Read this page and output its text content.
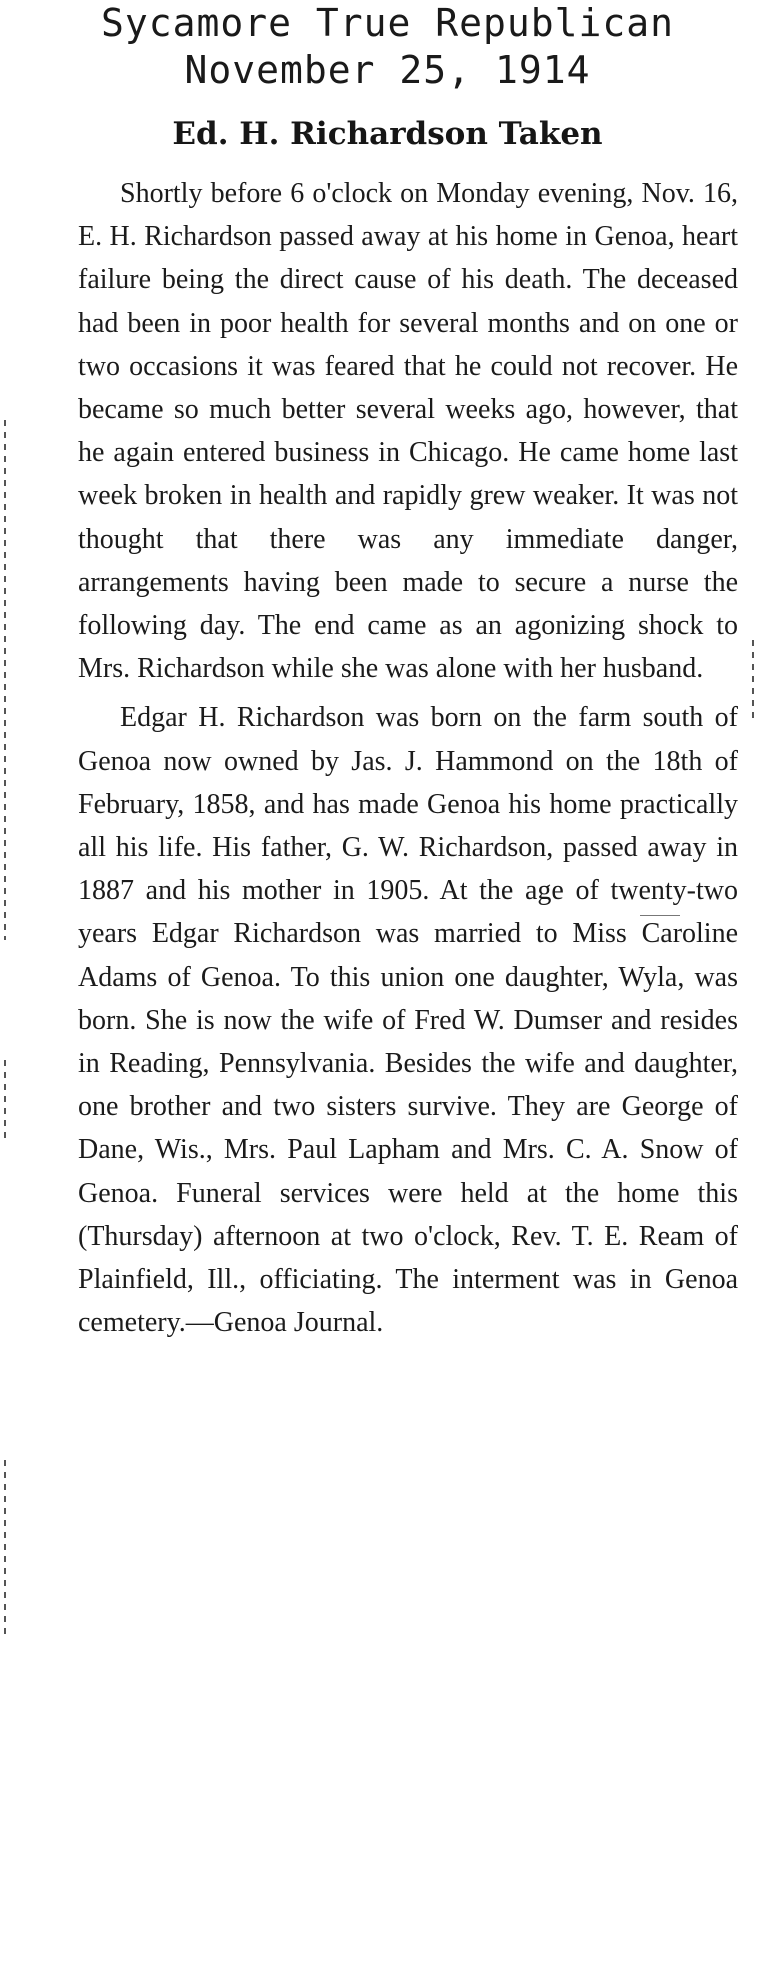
Sycamore True Republican
November 25, 1914
Ed. H. Richardson Taken

Shortly before 6 o'clock on Monday evening, Nov. 16, E. H. Richardson passed away at his home in Genoa, heart failure being the direct cause of his death. The deceased had been in poor health for several months and on one or two occasions it was feared that he could not recover. He became so much better several weeks ago, however, that he again entered business in Chicago. He came home last week broken in health and rapidly grew weaker. It was not thought that there was any immediate danger, arrangements having been made to secure a nurse the following day. The end came as an agonizing shock to Mrs. Richardson while she was alone with her husband.

Edgar H. Richardson was born on the farm south of Genoa now owned by Jas. J. Hammond on the 18th of February, 1858, and has made Genoa his home practically all his life. His father, G. W. Richardson, passed away in 1887 and his mother in 1905. At the age of twenty-two years Edgar Richardson was married to Miss Caroline Adams of Genoa. To this union one daughter, Wyla, was born. She is now the wife of Fred W. Dumser and resides in Reading, Pennsylvania. Besides the wife and daughter, one brother and two sisters survive. They are George of Dane, Wis., Mrs. Paul Lapham and Mrs. C. A. Snow of Genoa. Funeral services were held at the home this (Thursday) afternoon at two o'clock, Rev. T. E. Ream of Plainfield, Ill., officiating. The interment was in Genoa cemetery.—Genoa Journal.
